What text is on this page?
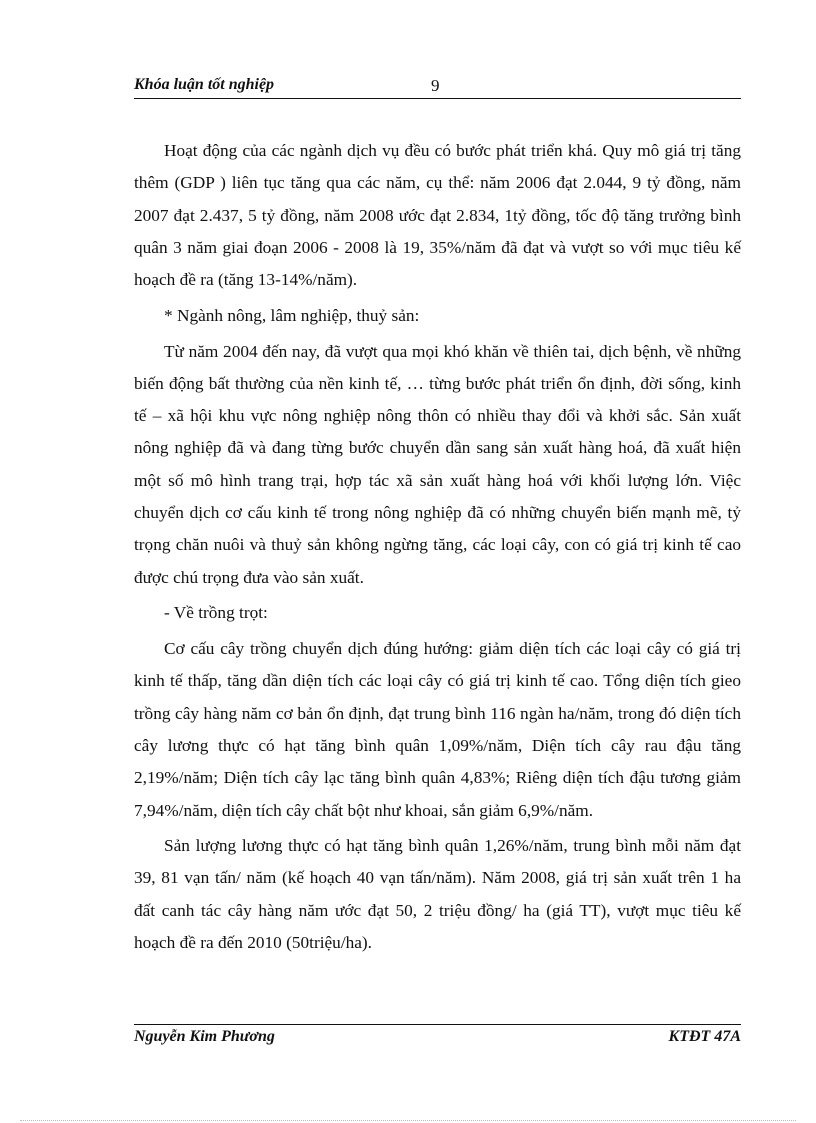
Khóa luận tốt nghiệp	9

Hoạt động của các ngành dịch vụ đều có bước phát triển khá. Quy mô giá trị tăng thêm (GDP ) liên tục tăng qua các năm, cụ thể: năm 2006 đạt 2.044, 9 tỷ đồng, năm 2007 đạt 2.437, 5 tỷ đồng, năm 2008 ước đạt 2.834, 1tỷ đồng, tốc độ tăng trưởng bình quân 3 năm giai đoạn 2006 - 2008 là 19, 35%/năm đã đạt và vượt so với mục tiêu kế hoạch đề ra (tăng 13-14%/năm).

* Ngành nông, lâm nghiệp, thuỷ sản:

Từ năm 2004 đến nay, đã vượt qua mọi khó khăn về thiên tai, dịch bệnh, về những biến động bất thường của nền kinh tế, … từng bước phát triển ổn định, đời sống, kinh tế – xã hội khu vực nông nghiệp nông thôn có nhiều thay đổi và khởi sắc. Sản xuất nông nghiệp đã và đang từng bước chuyển dần sang sản xuất hàng hoá, đã xuất hiện một số mô hình trang trại, hợp tác xã sản xuất hàng hoá với khối lượng lớn. Việc chuyển dịch cơ cấu kinh tế trong nông nghiệp đã có những chuyển biến mạnh mẽ, tỷ trọng chăn nuôi và thuỷ sản không ngừng tăng, các loại cây, con có giá trị kinh tế cao được chú trọng đưa vào sản xuất.

- Về trồng trọt:

Cơ cấu cây trồng chuyển dịch đúng hướng: giảm diện tích các loại cây có giá trị kinh tế thấp, tăng dần diện tích các loại cây có giá trị kinh tế cao. Tổng diện tích gieo trồng cây hàng năm cơ bản ổn định, đạt trung bình 116 ngàn ha/năm, trong đó diện tích cây lương thực có hạt tăng bình quân 1,09%/năm, Diện tích cây rau đậu tăng 2,19%/năm; Diện tích cây lạc tăng bình quân 4,83%; Riêng diện tích đậu tương giảm 7,94%/năm, diện tích cây chất bột như khoai, sắn giảm 6,9%/năm.

Sản lượng lương thực có hạt tăng bình quân 1,26%/năm, trung bình mỗi năm đạt 39, 81 vạn tấn/ năm (kế hoạch 40 vạn tấn/năm). Năm 2008, giá trị sản xuất trên 1 ha đất canh tác cây hàng năm ước đạt 50, 2 triệu đồng/ ha (giá TT), vượt mục tiêu kế hoạch đề ra đến 2010 (50triệu/ha).

Nguyễn Kim Phương	KTĐT 47A
